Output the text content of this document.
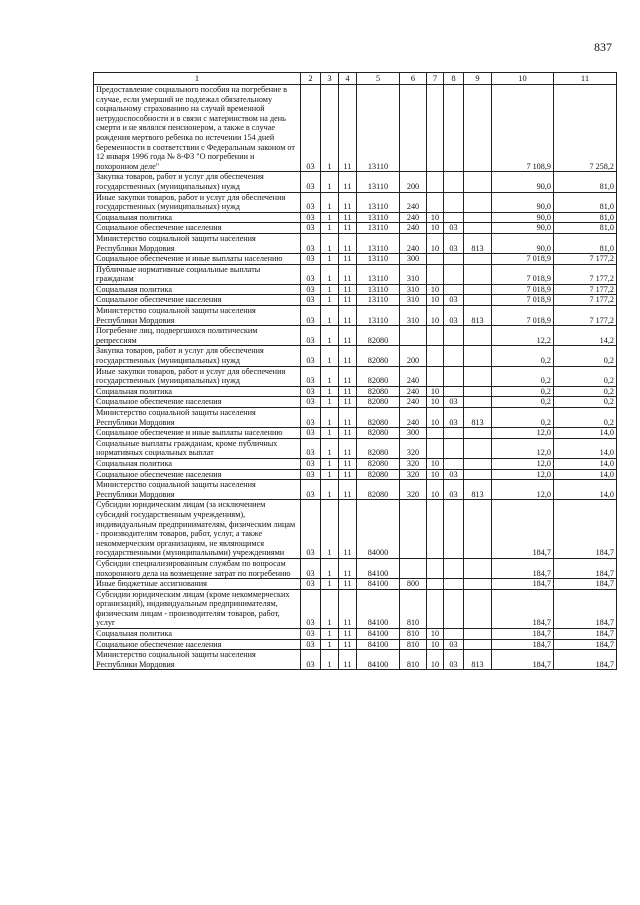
837
1	2	3	4	5	6	7	8	9	10	11
Предоставление социального пособия на погребение в случае, если умерший не подлежал обязательному социальному страхованию на случай временной нетрудоспособности и в связи с материнством на день смерти и не являлся пенсионером, а также в случае рождения мертвого ребенка по истечении 154 дней беременности в соответствии с Федеральным законом от 12 января 1996 года № 8-ФЗ "О погребении и похоронном деле"	03	1	11	13110					7 108,9	7 258,2
Закупка товаров, работ и услуг для обеспечения государственных (муниципальных) нужд	03	1	11	13110	200				90,0	81,0
Иные закупки товаров, работ и услуг для обеспечения государственных (муниципальных) нужд	03	1	11	13110	240				90,0	81,0
Социальная политика	03	1	11	13110	240	10			90,0	81,0
Социальное обеспечение населения	03	1	11	13110	240	10	03		90,0	81,0
Министерство социальной защиты населения Республики Мордовия	03	1	11	13110	240	10	03	813	90,0	81,0
Социальное обеспечение и иные выплаты населению	03	1	11	13110	300				7 018,9	7 177,2
Публичные нормативные социальные выплаты гражданам	03	1	11	13110	310				7 018,9	7 177,2
Социальная политика	03	1	11	13110	310	10			7 018,9	7 177,2
Социальное обеспечение населения	03	1	11	13110	310	10	03		7 018,9	7 177,2
Министерство социальной защиты населения Республики Мордовия	03	1	11	13110	310	10	03	813	7 018,9	7 177,2
Погребение лиц, подвергшихся политическим репрессиям	03	1	11	82080					12,2	14,2
Закупка товаров, работ и услуг для обеспечения государственных (муниципальных) нужд	03	1	11	82080	200				0,2	0,2
Иные закупки товаров, работ и услуг для обеспечения государственных (муниципальных) нужд	03	1	11	82080	240				0,2	0,2
Социальная политика	03	1	11	82080	240	10			0,2	0,2
Социальное обеспечение населения	03	1	11	82080	240	10	03		0,2	0,2
Министерство социальной защиты населения Республики Мордовия	03	1	11	82080	240	10	03	813	0,2	0,2
Социальное обеспечение и иные выплаты населению	03	1	11	82080	300				12,0	14,0
Социальные выплаты гражданам, кроме публичных нормативных социальных выплат	03	1	11	82080	320				12,0	14,0
Социальная политика	03	1	11	82080	320	10			12,0	14,0
Социальное обеспечение населения	03	1	11	82080	320	10	03		12,0	14,0
Министерство социальной защиты населения Республики Мордовия	03	1	11	82080	320	10	03	813	12,0	14,0
Субсидии юридическим лицам (за исключением субсидий государственным учреждениям), индивидуальным предпринимателям, физическим лицам - производителям товаров, работ, услуг, а также некоммерческим организациям, не являющимся государственными (муниципальными) учреждениями	03	1	11	84000					184,7	184,7
Субсидии специализированным службам по вопросам похоронного дела на возмещение затрат по погребению	03	1	11	84100					184,7	184,7
Иные бюджетные ассигнования	03	1	11	84100	800				184,7	184,7
Субсидии юридическим лицам (кроме некоммерческих организаций), индивидуальным предпринимателям, физическим лицам - производителям товаров, работ, услуг	03	1	11	84100	810				184,7	184,7
Социальная политика	03	1	11	84100	810	10			184,7	184,7
Социальное обеспечение населения	03	1	11	84100	810	10	03		184,7	184,7
Министерство социальной защиты населения Республики Мордовия	03	1	11	84100	810	10	03	813	184,7	184,7
